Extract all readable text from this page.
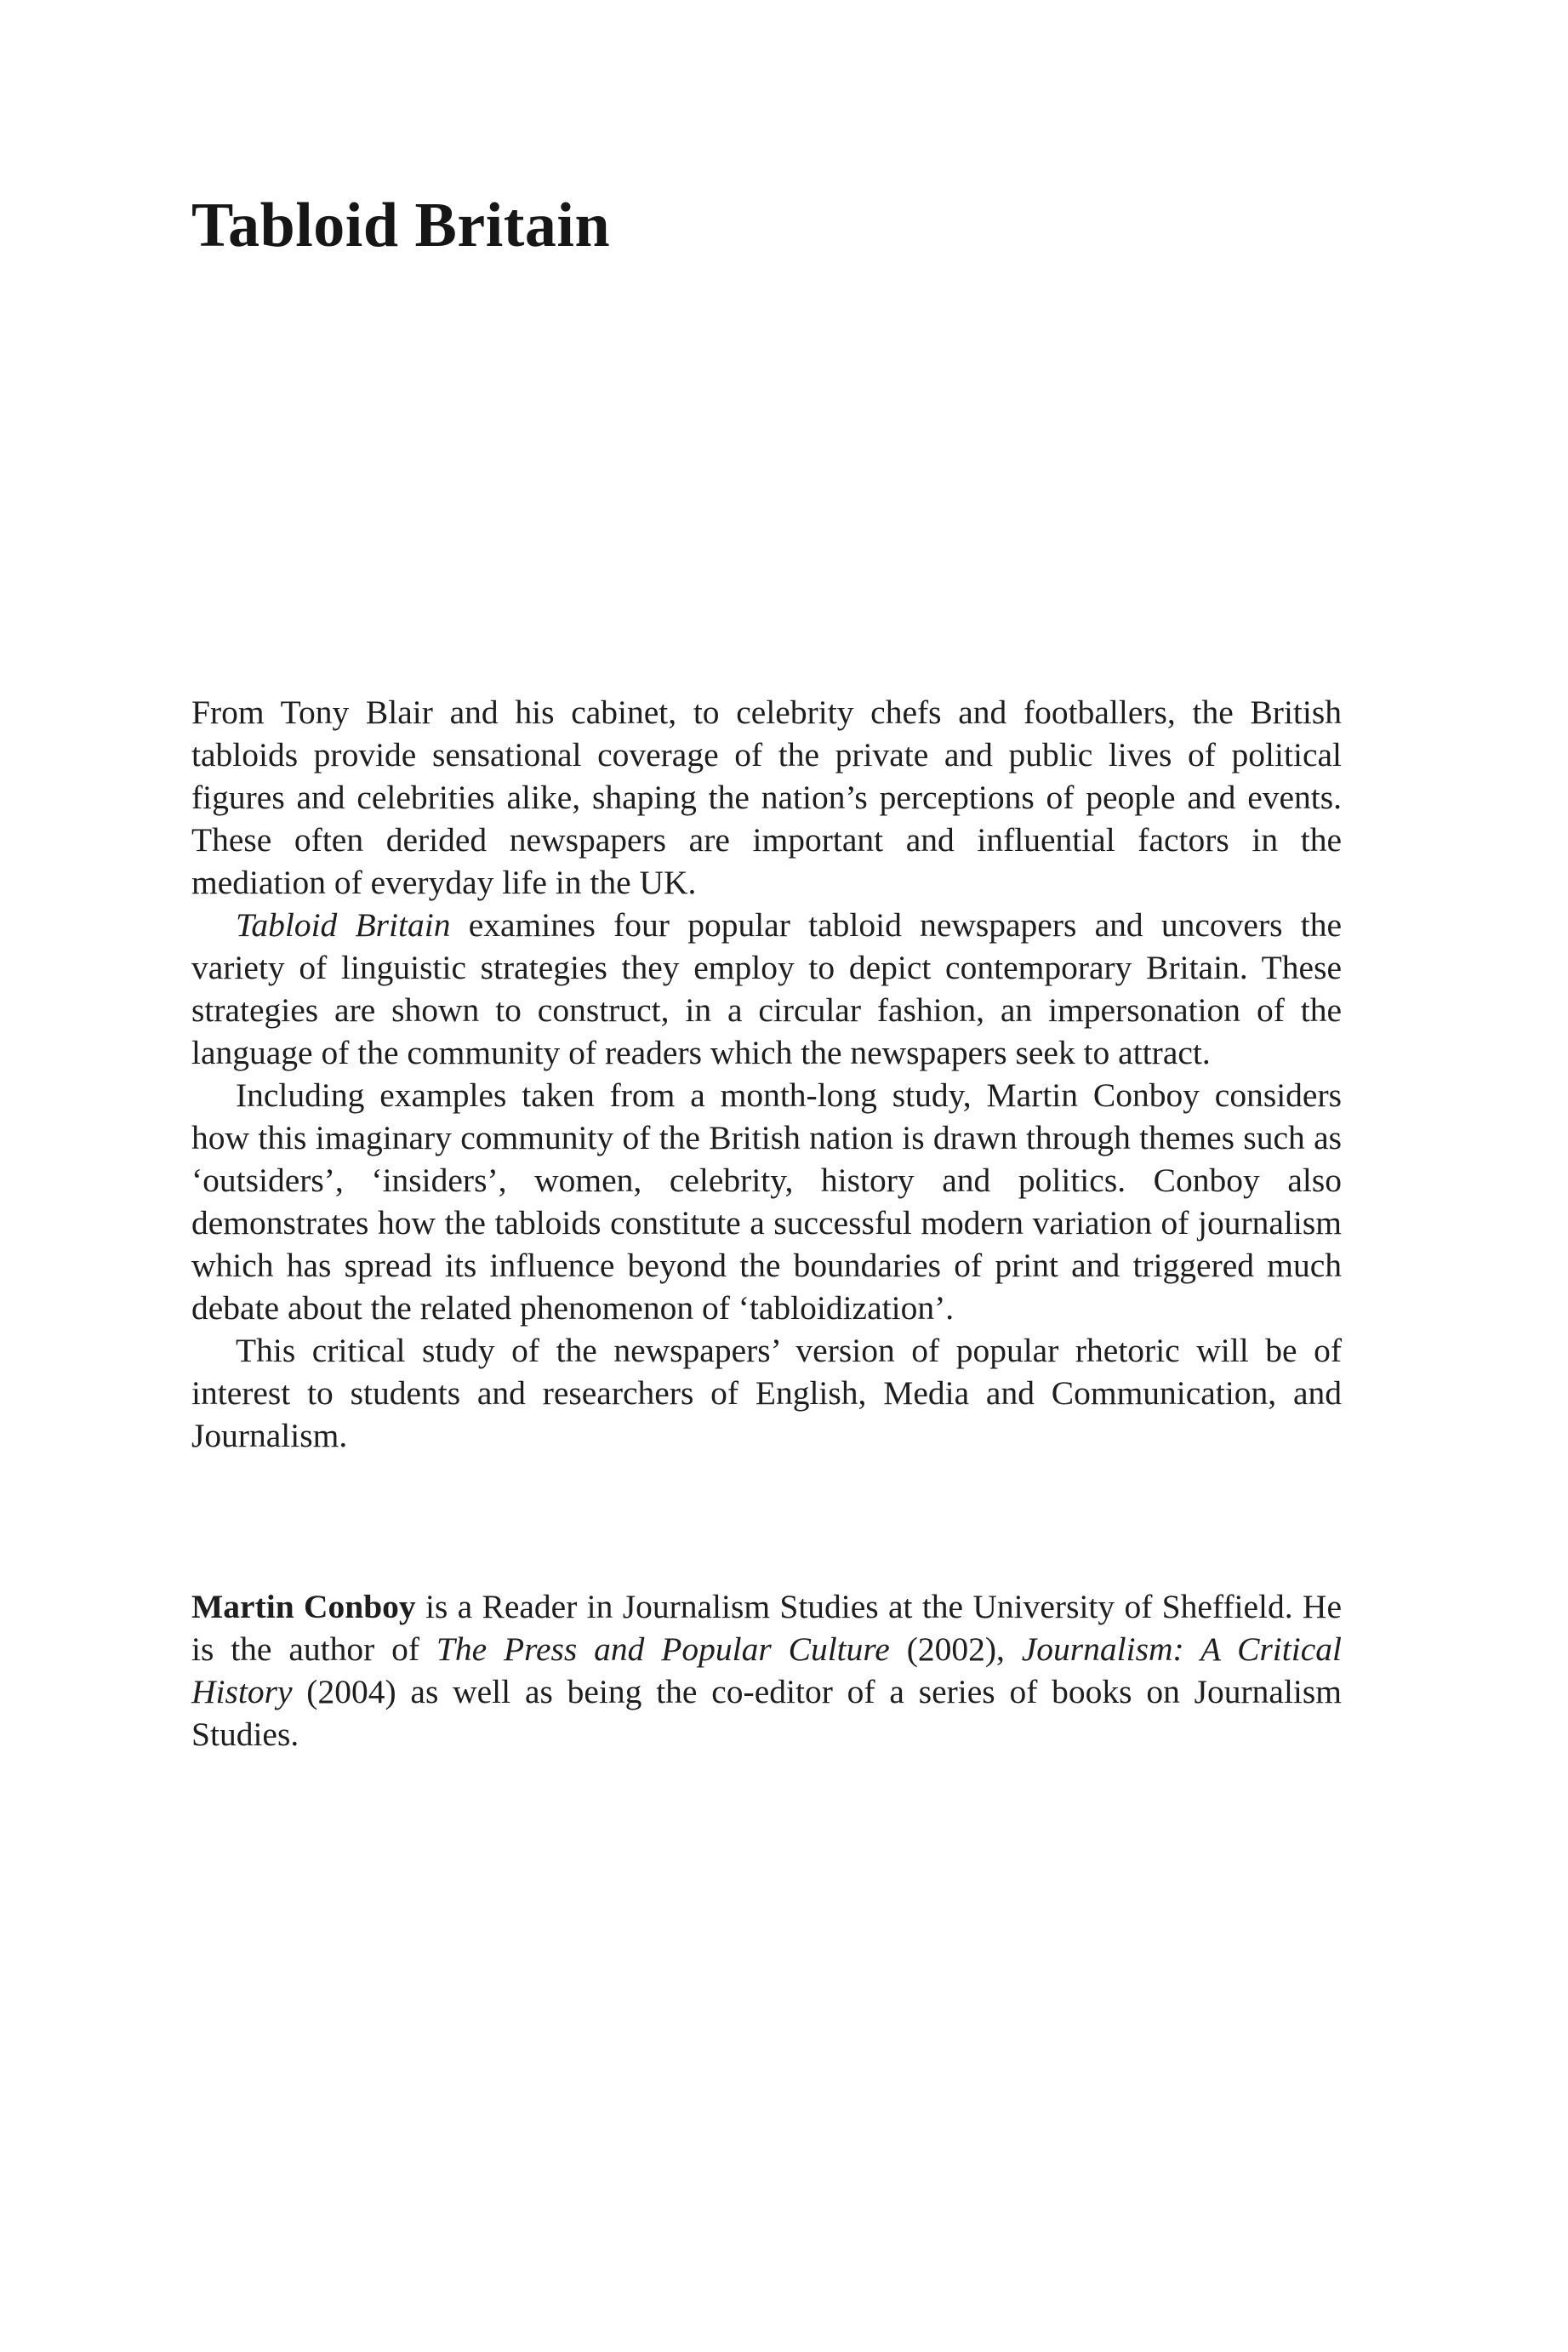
Tabloid Britain

From Tony Blair and his cabinet, to celebrity chefs and footballers, the British tabloids provide sensational coverage of the private and public lives of political figures and celebrities alike, shaping the nation’s perceptions of people and events. These often derided newspapers are important and influential factors in the mediation of everyday life in the UK.

Tabloid Britain examines four popular tabloid newspapers and uncovers the variety of linguistic strategies they employ to depict contemporary Britain. These strategies are shown to construct, in a circular fashion, an impersonation of the language of the community of readers which the newspapers seek to attract.

Including examples taken from a month-long study, Martin Conboy considers how this imaginary community of the British nation is drawn through themes such as ‘outsiders’, ‘insiders’, women, celebrity, history and politics. Conboy also demonstrates how the tabloids constitute a successful modern variation of journalism which has spread its influence beyond the boundaries of print and triggered much debate about the related phenomenon of ‘tabloidization’.

This critical study of the newspapers’ version of popular rhetoric will be of interest to students and researchers of English, Media and Communication, and Journalism.

Martin Conboy is a Reader in Journalism Studies at the University of Sheffield. He is the author of The Press and Popular Culture (2002), Journalism: A Critical History (2004) as well as being the co-editor of a series of books on Journalism Studies.
